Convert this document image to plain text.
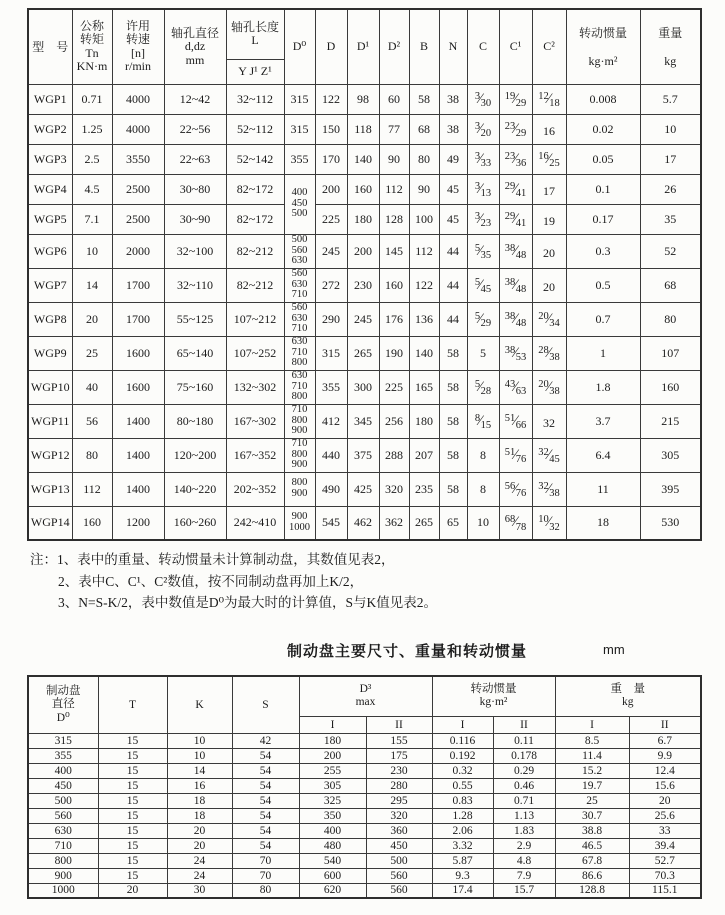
型　号	
公称
转矩
Tn
KN·m

许用
转速
[n]
r/min

轴孔直径
d,dz
mm

轴孔长度
L	D⁰	D	D¹	D²	B	N	C	C¹	C²	
转动惯量
kg·m²

重量
kg

				Y J¹ Z¹											
WGP1	0.71	4000	12~42	32~112	315	122	98	60	58	38	3⁄30	19⁄29	12⁄18	0.008	5.7
WGP2	1.25	4000	22~56	52~112	315	150	118	77	68	38	3⁄20	23⁄29	16	0.02	10
WGP3	2.5	3550	22~63	52~142	355	170	140	90	80	49	3⁄33	23⁄36	16⁄25	0.05	17
WGP4	4.5	2500	30~80	82~172	400
450
500	200	160	112	90	45	3⁄13	29⁄41	17	0.1	26
WGP5	7.1	2500	30~90	82~172		225	180	128	100	45	3⁄23	29⁄41	19	0.17	35
WGP6	10	2000	32~100	82~212	500
560
630	245	200	145	112	44	5⁄35	38⁄48	20	0.3	52
WGP7	14	1700	32~110	82~212	560
630
710	272	230	160	122	44	5⁄45	38⁄48	20	0.5	68
WGP8	20	1700	55~125	107~212	560
630
710	290	245	176	136	44	5⁄29	38⁄48	20⁄34	0.7	80
WGP9	25	1600	65~140	107~252	630
710
800	315	265	190	140	58	5	38⁄53	28⁄38	1	107
WGP10	40	1600	75~160	132~302	630
710
800	355	300	225	165	58	5⁄28	43⁄63	20⁄38	1.8	160
WGP11	56	1400	80~180	167~302	710
800
900	412	345	256	180	58	8⁄15	51⁄66	32	3.7	215
WGP12	80	1400	120~200	167~352	710
800
900	440	375	288	207	58	8	51⁄76	32⁄45	6.4	305
WGP13	112	1400	140~220	202~352	800
900	490	425	320	235	58	8	56⁄76	32⁄38	11	395
WGP14	160	1200	160~260	242~410	900
1000	545	462	362	265	65	10	68⁄78	10⁄32	18	530
注：1、表中的重量、转动惯量未计算制动盘，其数值见表2，
2、表中C、C¹、C²数值，按不同制动盘再加上K/2，
3、N=S-K/2，表中数值是D⁰为最大时的计算值，S与K值见表2。
制动盘主要尺寸、重量和转动惯量	mm
制动盘
直径
D⁰
	T	K	S	
D³
max

转动惯量
kg·m²

重　量
kg

				I	II	I	II	I	II
315	15	10	42	180	155	0.116	0.11	8.5	6.7
355	15	10	54	200	175	0.192	0.178	11.4	9.9
400	15	14	54	255	230	0.32	0.29	15.2	12.4
450	15	16	54	305	280	0.55	0.46	19.7	15.6
500	15	18	54	325	295	0.83	0.71	25	20
560	15	18	54	350	320	1.28	1.13	30.7	25.6
630	15	20	54	400	360	2.06	1.83	38.8	33
710	15	20	54	480	450	3.32	2.9	46.5	39.4
800	15	24	70	540	500	5.87	4.8	67.8	52.7
900	15	24	70	600	560	9.3	7.9	86.6	70.3
1000	20	30	80	620	560	17.4	15.7	128.8	115.1
